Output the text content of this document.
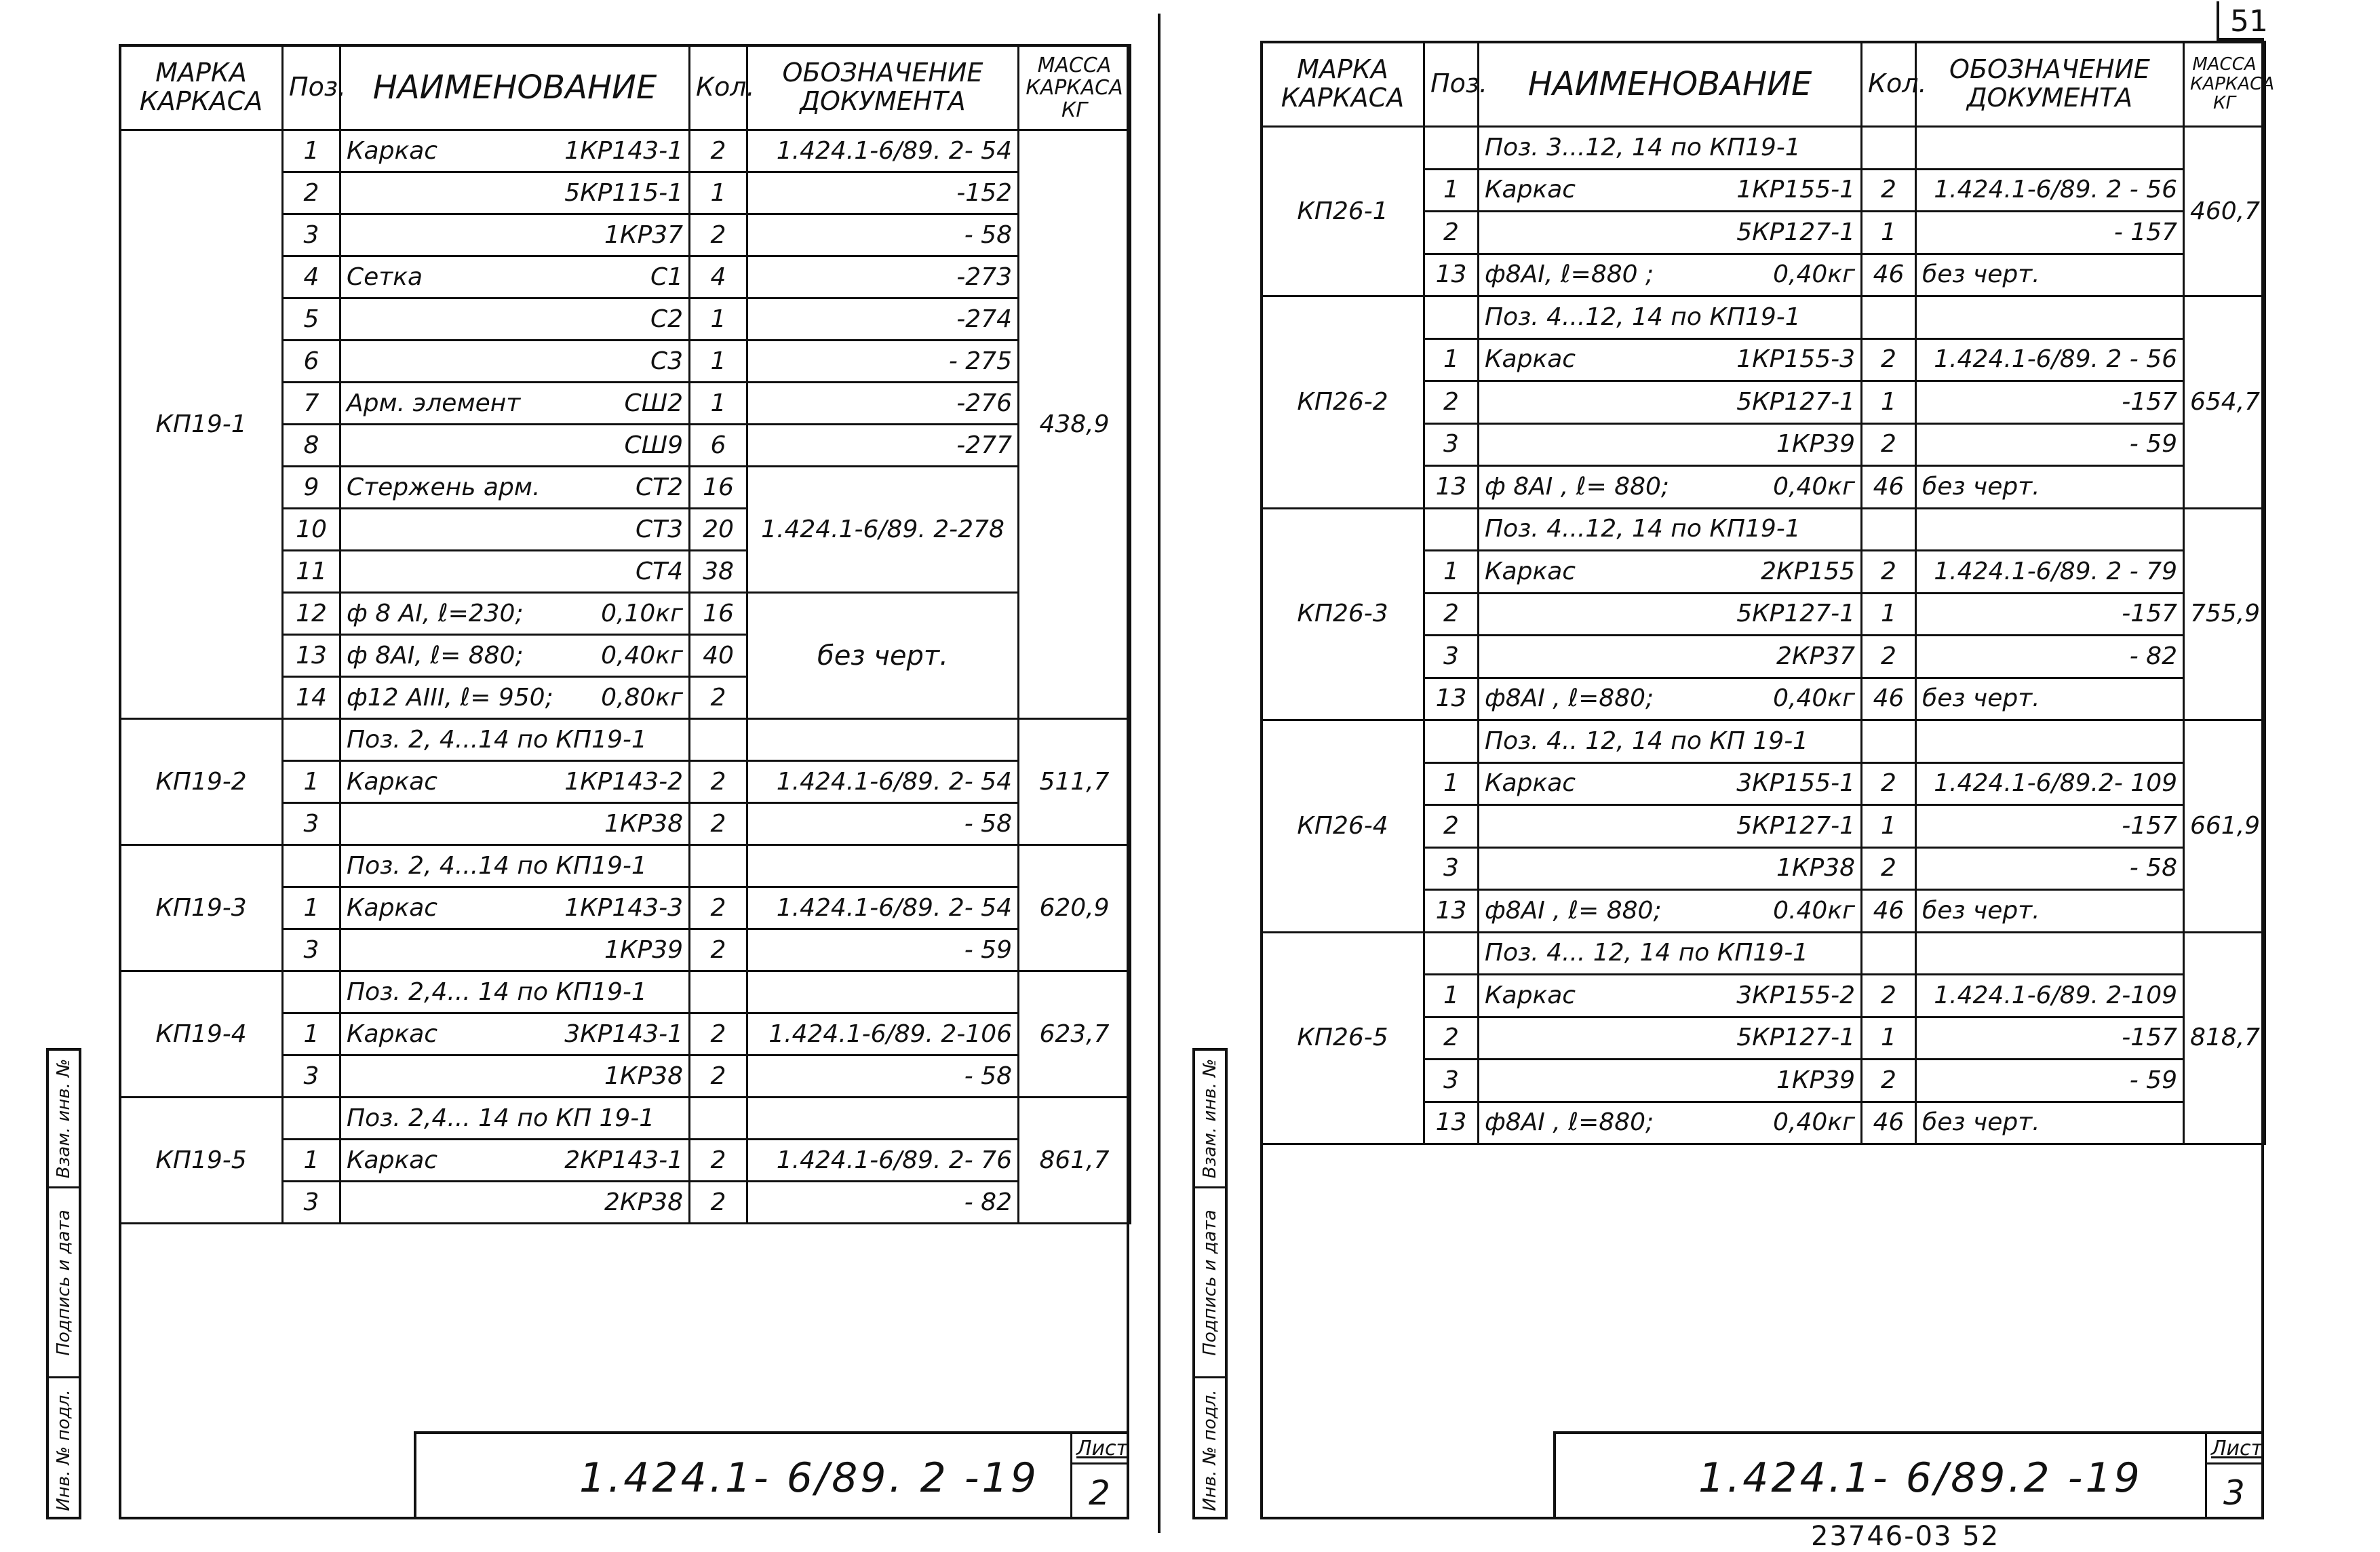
Взам. инв. №
Подпись и дата
Инв. № подл.
МАРКА КАРКАСА	Поз.	НАИМЕНОВАНИЕ	Кол.	ОБОЗНАЧЕНИЕ ДОКУМЕНТА	МАССА КАРКАСА КГ
КП19-1	1	Каркас 1КР143-1	2	1.424.1-6/89. 2- 54	438,9
	2	5КР115-1	1	-152	
	3	1КР37	2	- 58	
	4	Сетка С1	4	-273	
	5	С2	1	-274	
	6	С3	1	- 275	
	7	Арм. элемент СШ2	1	-276	
	8	СШ9	6	-277	
	9	Стержень арм. СТ2	16	1.424.1-6/89. 2-278	
	10	СТ3	20		
	11	СТ4	38		
	12	ф 8 АI, ℓ=230; 0,10кг	16	без черт.	
	13	ф 8АI, ℓ= 880; 0,40кг	40		
	14	ф12 АIII, ℓ= 950; 0,80кг	2		
КП19-2		Поз. 2, 4...14 по КП19-1			511,7
	1	Каркас 1КР143-2	2	1.424.1-6/89. 2- 54	
	3	1КР38	2	- 58	
КП19-3		Поз. 2, 4...14 по КП19-1			620,9
	1	Каркас 1КР143-3	2	1.424.1-6/89. 2- 54	
	3	1КР39	2	- 59	
КП19-4		Поз. 2,4... 14 по КП19-1			623,7
	1	Каркас 3КР143-1	2	1.424.1-6/89. 2-106	
	3	1КР38	2	- 58	
КП19-5		Поз. 2,4... 14 по КП 19-1			861,7
	1	Каркас 2КР143-1	2	1.424.1-6/89. 2- 76	
	3	2КР38	2	- 82	
1.424.1- 6/89. 2 -19
Лист
2
Взам. инв. №
Подпись и дата
Инв. № подл.
51
МАРКА КАРКАСА	Поз.	НАИМЕНОВАНИЕ	Кол.	ОБОЗНАЧЕНИЕ ДОКУМЕНТА	МАССА КАРКАСА КГ
КП26-1		Поз. 3...12, 14 по КП19-1			460,7
	1	Каркас 1КР155-1	2	1.424.1-6/89. 2 - 56	
	2	5КР127-1	1	- 157	
	13	ф8АI, ℓ=880 ; 0,40кг	46	без черт.	
КП26-2		Поз. 4...12, 14 по КП19-1			654,7
	1	Каркас 1КР155-3	2	1.424.1-6/89. 2 - 56	
	2	5КР127-1	1	-157	
	3	1КР39	2	- 59	
	13	ф 8АI , ℓ= 880; 0,40кг	46	без черт.	
КП26-3		Поз. 4...12, 14 по КП19-1			755,9
	1	Каркас 2КР155	2	1.424.1-6/89. 2 - 79	
	2	5КР127-1	1	-157	
	3	2КР37	2	- 82	
	13	ф8АI , ℓ=880; 0,40кг	46	без черт.	
КП26-4		Поз. 4.. 12, 14 по КП 19-1			661,9
	1	Каркас 3КР155-1	2	1.424.1-6/89.2- 109	
	2	5КР127-1	1	-157	
	3	1КР38	2	- 58	
	13	ф8АI , ℓ= 880; 0.40кг	46	без черт.	
КП26-5		Поз. 4... 12, 14 по КП19-1			818,7
	1	Каркас 3КР155-2	2	1.424.1-6/89. 2-109	
	2	5КР127-1	1	-157	
	3	1КР39	2	- 59	
	13	ф8АI , ℓ=880; 0,40кг	46	без черт.	
1.424.1- 6/89.2 -19
Лист
3
23746-03 52
